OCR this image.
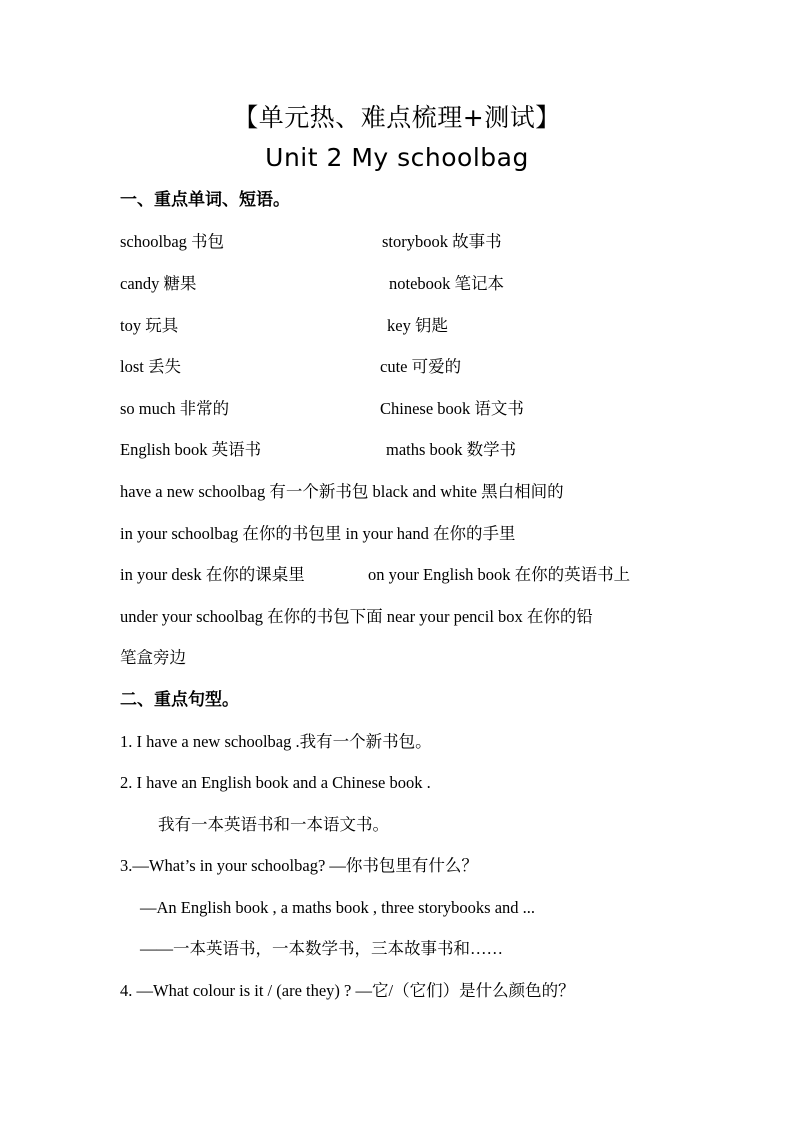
【单元热、难点梳理+测试】
Unit 2 My schoolbag
一、重点单词、短语。
schoolbag 书包	storybook 故事书
candy 糖果	notebook 笔记本
toy 玩具	key 钥匙
lost 丢失	cute 可爱的
so much 非常的	Chinese book 语文书
English book 英语书	maths book 数学书
have a new schoolbag 有一个新书包 black and white 黑白相间的
in your schoolbag 在你的书包里 in your hand 在你的手里
in your desk 在你的课桌里	on your English book 在你的英语书上
under your schoolbag 在你的书包下面 near your pencil box 在你的铅
笔盒旁边
二、重点句型。
1. I have a new schoolbag .我有一个新书包。
2. I have an English book and a Chinese book .
我有一本英语书和一本语文书。
3.—What’s in your schoolbag? —你书包里有什么？
—An English book , a maths book , three storybooks and ...
——一本英语书，一本数学书，三本故事书和……
4. —What colour is it / (are they) ? —它/（它们）是什么颜色的？
